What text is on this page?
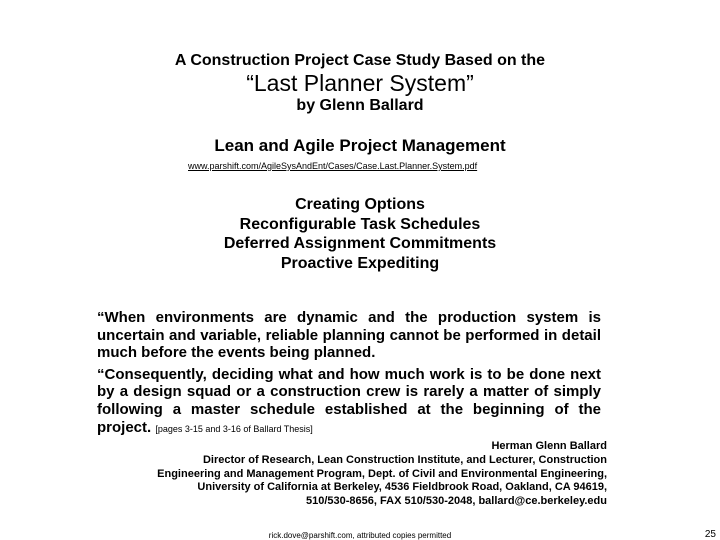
A Construction Project Case Study Based on the
“Last Planner System”
by Glenn Ballard
Lean and Agile Project Management
www.parshift.com/AgileSysAndEnt/Cases/Case.Last.Planner.System.pdf
Creating Options
Reconfigurable Task Schedules
Deferred Assignment Commitments
Proactive Expediting

“When environments are dynamic and the production system is uncertain and variable, reliable planning cannot be performed in detail much before the events being planned.

“Consequently, deciding what and how much work is to be done next by a design squad or a construction crew is rarely a matter of simply following a master schedule established at the beginning of the project. [pages 3-15 and 3-16 of Ballard Thesis]

Herman Glenn Ballard
Director of Research, Lean Construction Institute, and Lecturer, Construction
Engineering and Management Program, Dept. of Civil and Environmental Engineering,
University of California at Berkeley, 4536 Fieldbrook Road, Oakland, CA 94619,
510/530-8656, FAX 510/530-2048, ballard@ce.berkeley.edu
rick.dove@parshift.com, attributed copies permitted	25
